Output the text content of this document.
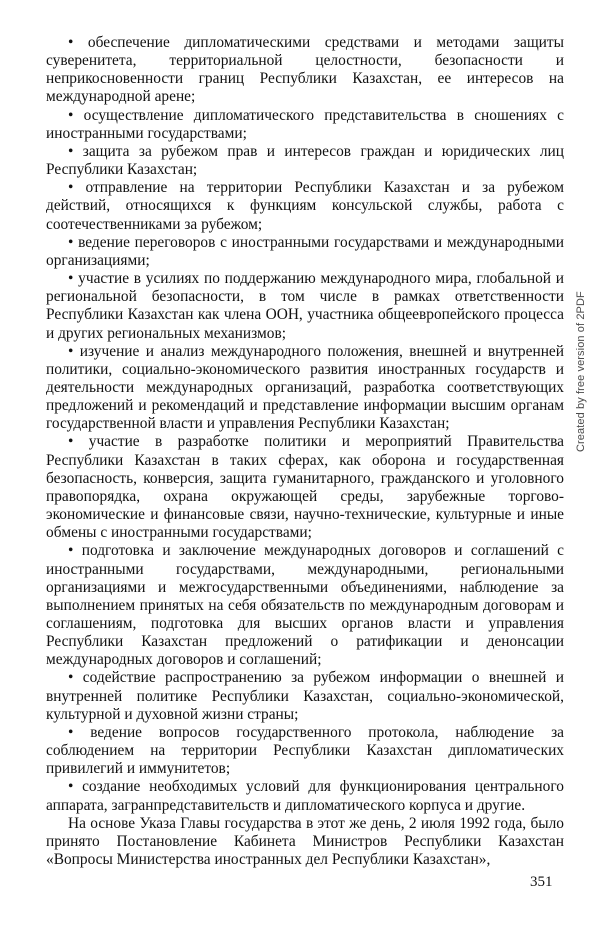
• обеспечение дипломатическими средствами и методами защиты суверенитета, территориальной целостности, безопасности и неприкосновенности границ Республики Казахстан, ее интересов на международной арене;

• осуществление дипломатического представительства в сношениях с иностранными государствами;

• защита за рубежом прав и интересов граждан и юридических лиц Республики Казахстан;

• отправление на территории Республики Казахстан и за рубежом действий, относящихся к функциям консульской службы, работа с соотечественниками за рубежом;

• ведение переговоров с иностранными государствами и международными организациями;

• участие в усилиях по поддержанию международного мира, глобальной и региональной безопасности, в том числе в рамках ответственности Республики Казахстан как члена ООН, участника общеевропейского процесса и других региональных механизмов;

• изучение и анализ международного положения, внешней и внутренней политики, социально-экономического развития иностранных государств и деятельности международных организаций, разработка соответствующих предложений и рекомендаций и представление информации высшим органам государственной власти и управления Республики Казахстан;

• участие в разработке политики и мероприятий Правительства Республики Казахстан в таких сферах, как оборона и государственная безопасность, конверсия, защита гуманитарного, гражданского и уголовного правопорядка, охрана окружающей среды, зарубежные торгово-экономические и финансовые связи, научно-технические, культурные и иные обмены с иностранными государствами;

• подготовка и заключение международных договоров и соглашений с иностранными государствами, международными, региональными организациями и межгосударственными объединениями, наблюдение за выполнением принятых на себя обязательств по международным договорам и соглашениям, подготовка для высших органов власти и управления Республики Казахстан предложений о ратификации и денонсации международных договоров и соглашений;

• содействие распространению за рубежом информации о внешней и внутренней политике Республики Казахстан, социально-экономической, культурной и духовной жизни страны;

• ведение вопросов государственного протокола, наблюдение за соблюдением на территории Республики Казахстан дипломатических привилегий и иммунитетов;

• создание необходимых условий для функционирования центрального аппарата, загранпредставительств и дипломатического корпуса и другие.

На основе Указа Главы государства в этот же день, 2 июля 1992 года, было принято Постановление Кабинета Министров Республики Казахстан «Вопросы Министерства иностранных дел Республики Казахстан»,

351
Created by free version of 2PDF
